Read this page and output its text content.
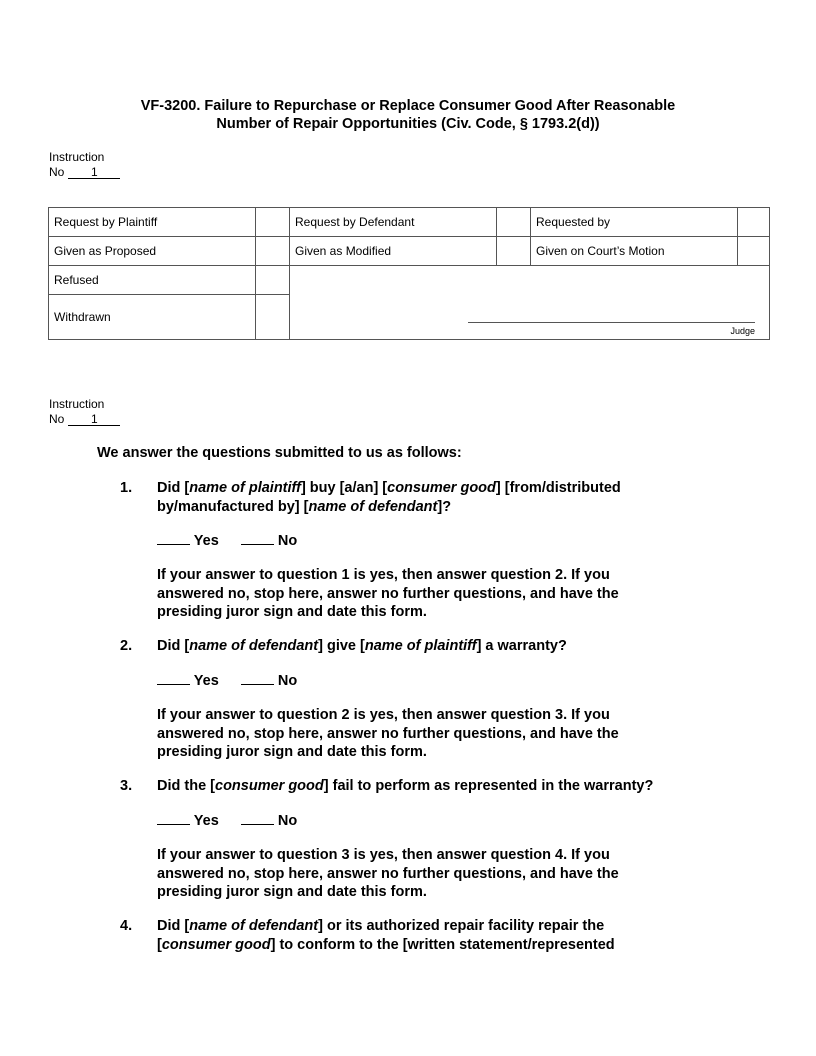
VF-3200. Failure to Repurchase or Replace Consumer Good After Reasonable
Number of Repair Opportunities (Civ. Code, § 1793.2(d))
Instruction
No 1
Request by Plaintiff		Request by Defendant		Requested by	
Given as Proposed		Given as Modified		Given on Court’s Motion	
Refused		Judge			

Withdrawn					
Instruction
No 1
We answer the questions submitted to us as follows:
1. Did [name of plaintiff] buy [a/an] [consumer good] [from/distributed
by/manufactured by] [name of defendant]?
Yes	No
If your answer to question 1 is yes, then answer question 2. If you
answered no, stop here, answer no further questions, and have the
presiding juror sign and date this form.
2. Did [name of defendant] give [name of plaintiff] a warranty?
Yes	No
If your answer to question 2 is yes, then answer question 3. If you
answered no, stop here, answer no further questions, and have the
presiding juror sign and date this form.
3. Did the [consumer good] fail to perform as represented in the warranty?
Yes	No
If your answer to question 3 is yes, then answer question 4. If you
answered no, stop here, answer no further questions, and have the
presiding juror sign and date this form.
4. Did [name of defendant] or its authorized repair facility repair the
[consumer good] to conform to the [written statement/represented
